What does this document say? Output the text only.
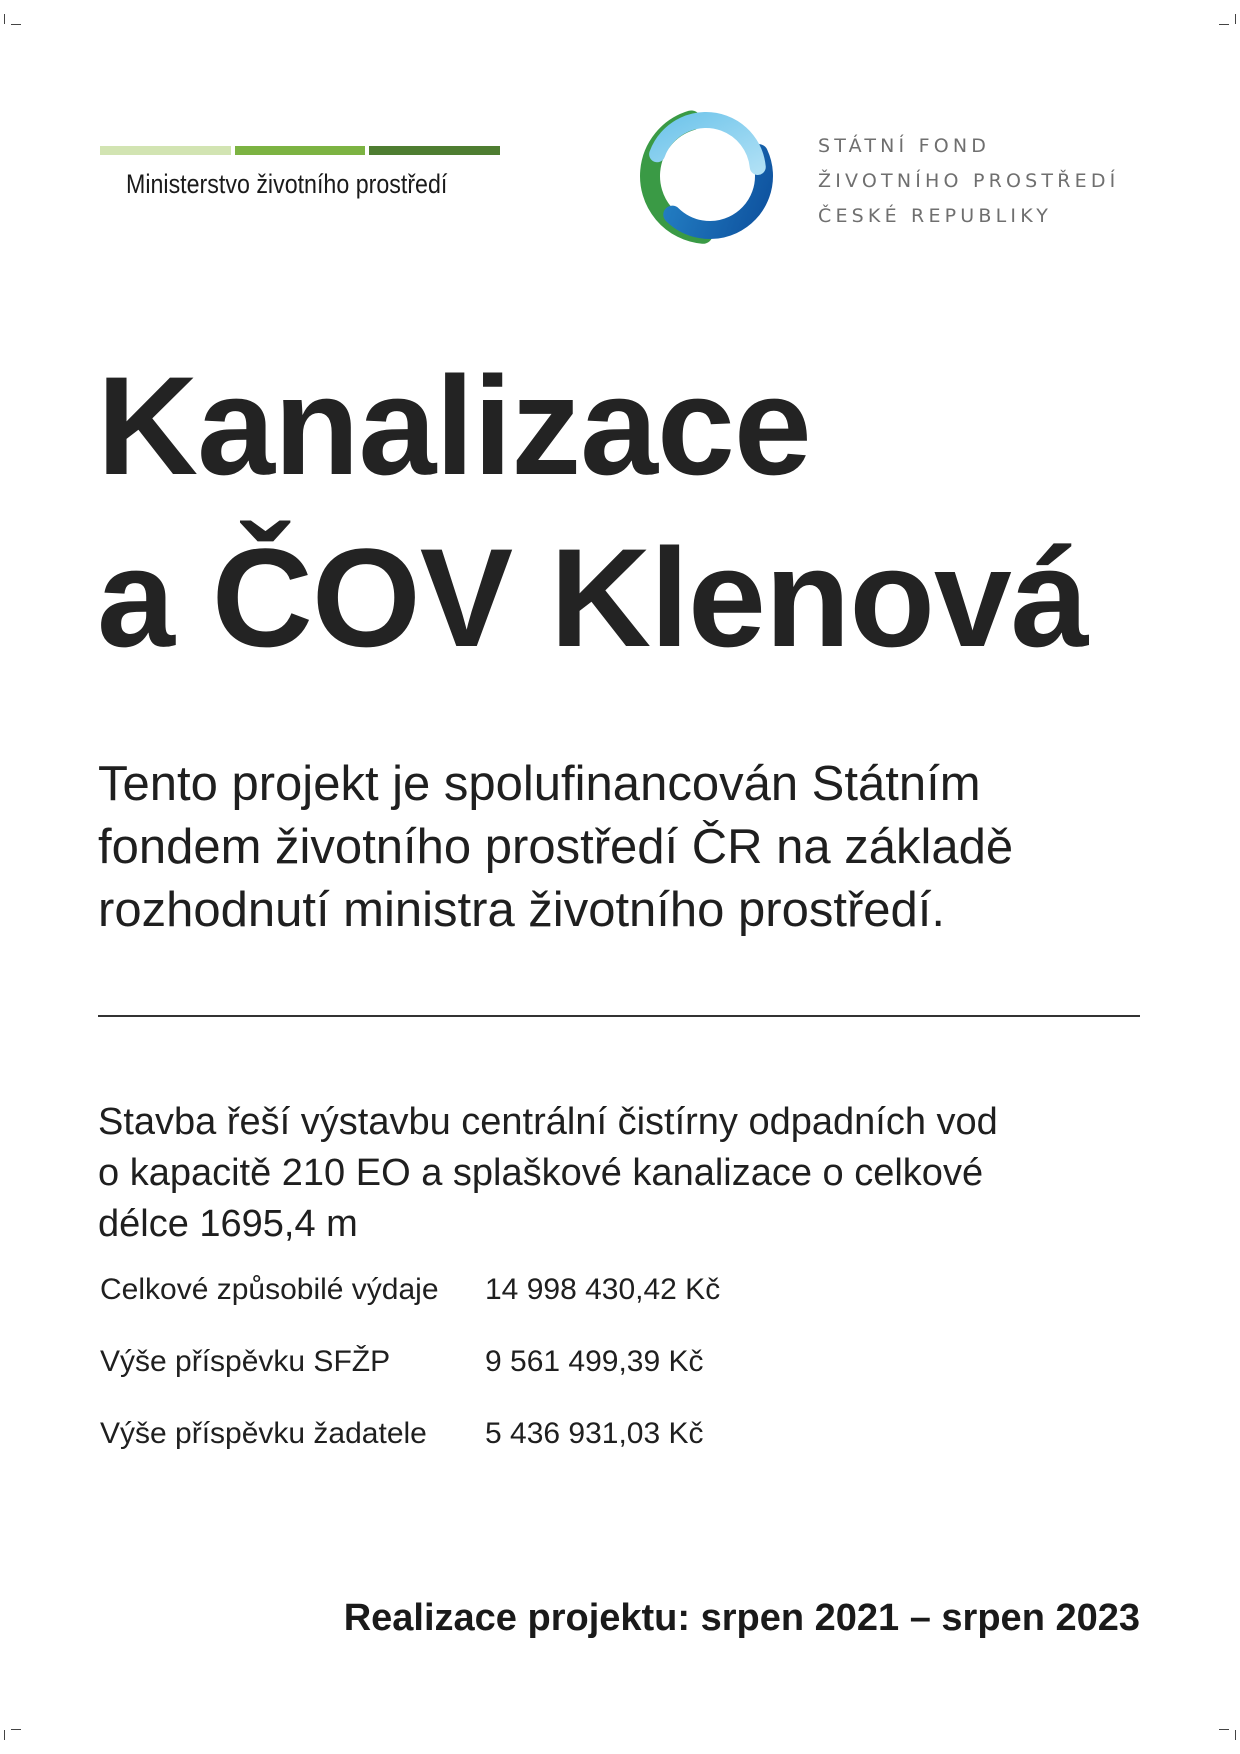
Ministerstvo životního prostředí
STÁTNÍ FOND
ŽIVOTNÍHO PROSTŘEDÍ
ČESKÉ REPUBLIKY
Kanalizace
a ČOV Klenová
Tento projekt je spolufinancován Státním
fondem životního prostředí ČR na základě
rozhodnutí ministra životního prostředí.
Stavba řeší výstavbu centrální čistírny odpadních vod
o kapacitě 210 EO a splaškové kanalizace o celkové
délce 1695,4 m
Celkové způsobilé výdaje	14 998 430,42 Kč
Výše příspěvku SFŽP	9 561 499,39 Kč
Výše příspěvku žadatele	5 436 931,03 Kč
Realizace projektu: srpen 2021 – srpen 2023
